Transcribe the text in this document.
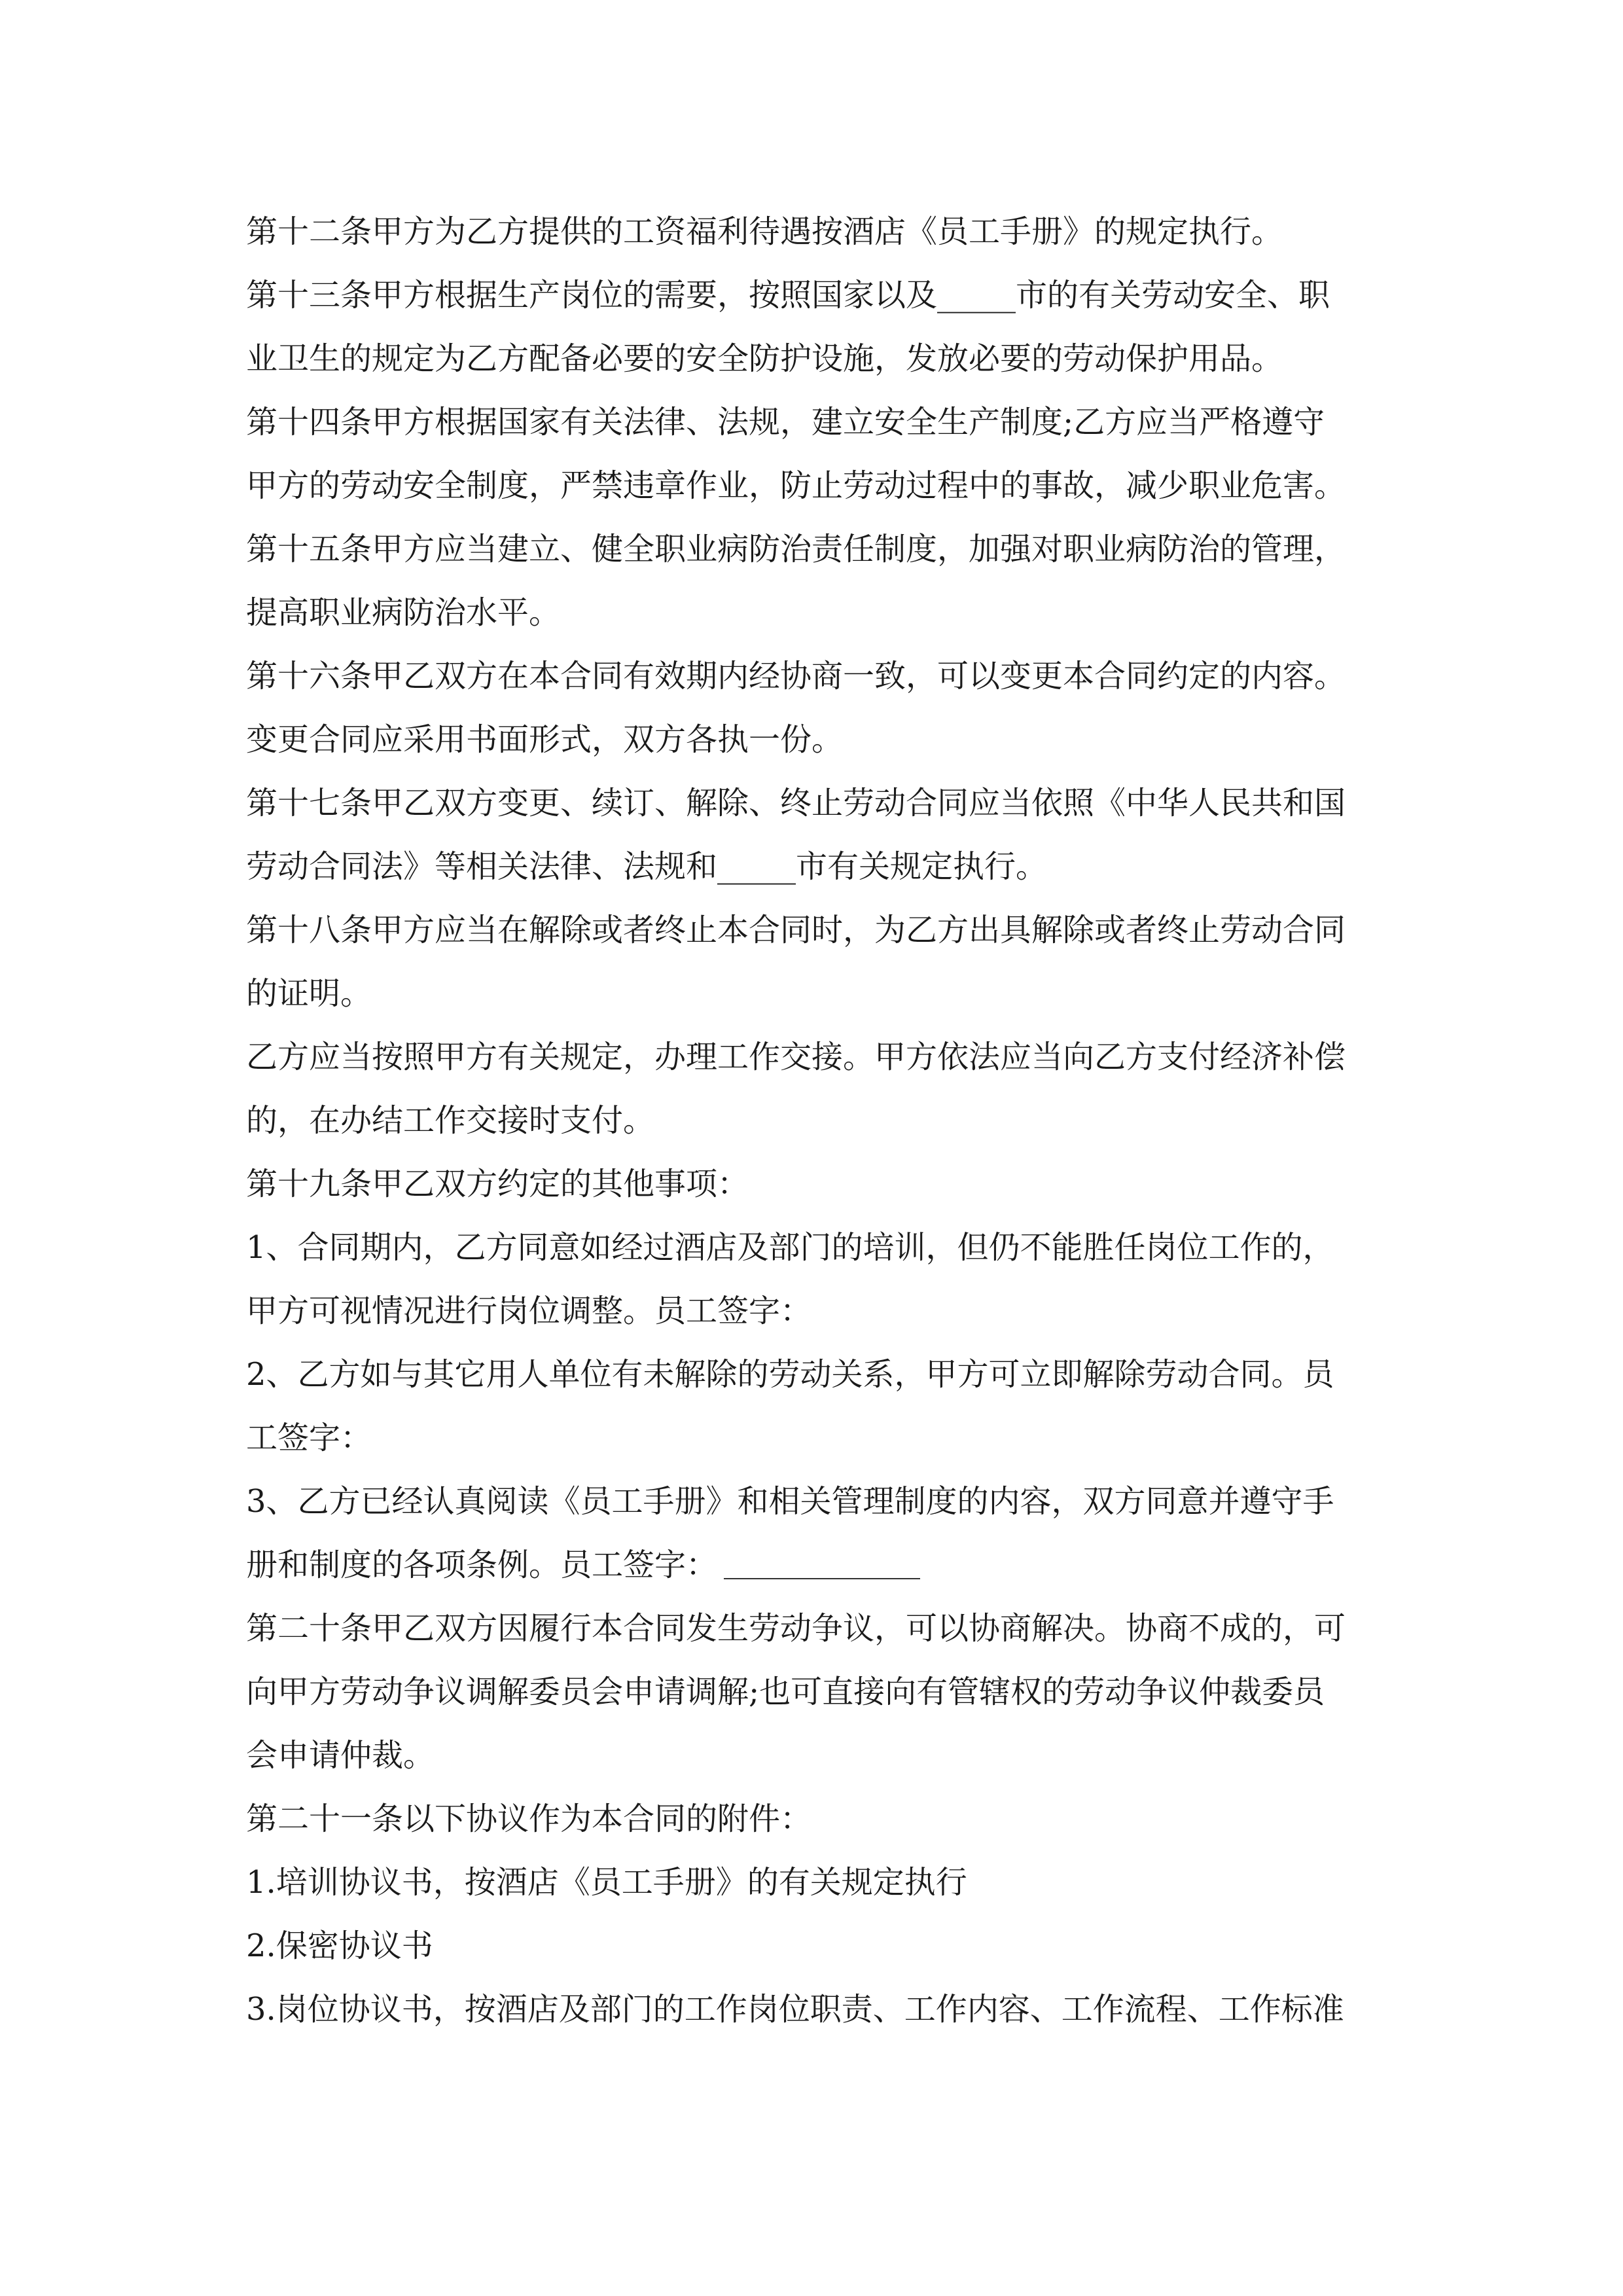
第十二条甲方为乙方提供的工资福利待遇按酒店《员工手册》的规定执行。
第十三条甲方根据生产岗位的需要，按照国家以及_____市的有关劳动安全、职
业卫生的规定为乙方配备必要的安全防护设施，发放必要的劳动保护用品。
第十四条甲方根据国家有关法律、法规，建立安全生产制度;乙方应当严格遵守
甲方的劳动安全制度，严禁违章作业，防止劳动过程中的事故，减少职业危害。
第十五条甲方应当建立、健全职业病防治责任制度，加强对职业病防治的管理，
提高职业病防治水平。
第十六条甲乙双方在本合同有效期内经协商一致，可以变更本合同约定的内容。
变更合同应采用书面形式，双方各执一份。
第十七条甲乙双方变更、续订、解除、终止劳动合同应当依照《中华人民共和国
劳动合同法》等相关法律、法规和_____市有关规定执行。
第十八条甲方应当在解除或者终止本合同时，为乙方出具解除或者终止劳动合同
的证明。
乙方应当按照甲方有关规定，办理工作交接。甲方依法应当向乙方支付经济补偿
的，在办结工作交接时支付。
第十九条甲乙双方约定的其他事项：
1、合同期内，乙方同意如经过酒店及部门的培训，但仍不能胜任岗位工作的，
甲方可视情况进行岗位调整。员工签字：
2、乙方如与其它用人单位有未解除的劳动关系，甲方可立即解除劳动合同。员
工签字：
3、乙方已经认真阅读《员工手册》和相关管理制度的内容，双方同意并遵守手
册和制度的各项条例。员工签字：
第二十条甲乙双方因履行本合同发生劳动争议，可以协商解决。协商不成的，可
向甲方劳动争议调解委员会申请调解;也可直接向有管辖权的劳动争议仲裁委员
会申请仲裁。
第二十一条以下协议作为本合同的附件：
1.培训协议书，按酒店《员工手册》的有关规定执行
2.保密协议书
3.岗位协议书，按酒店及部门的工作岗位职责、工作内容、工作流程、工作标准
